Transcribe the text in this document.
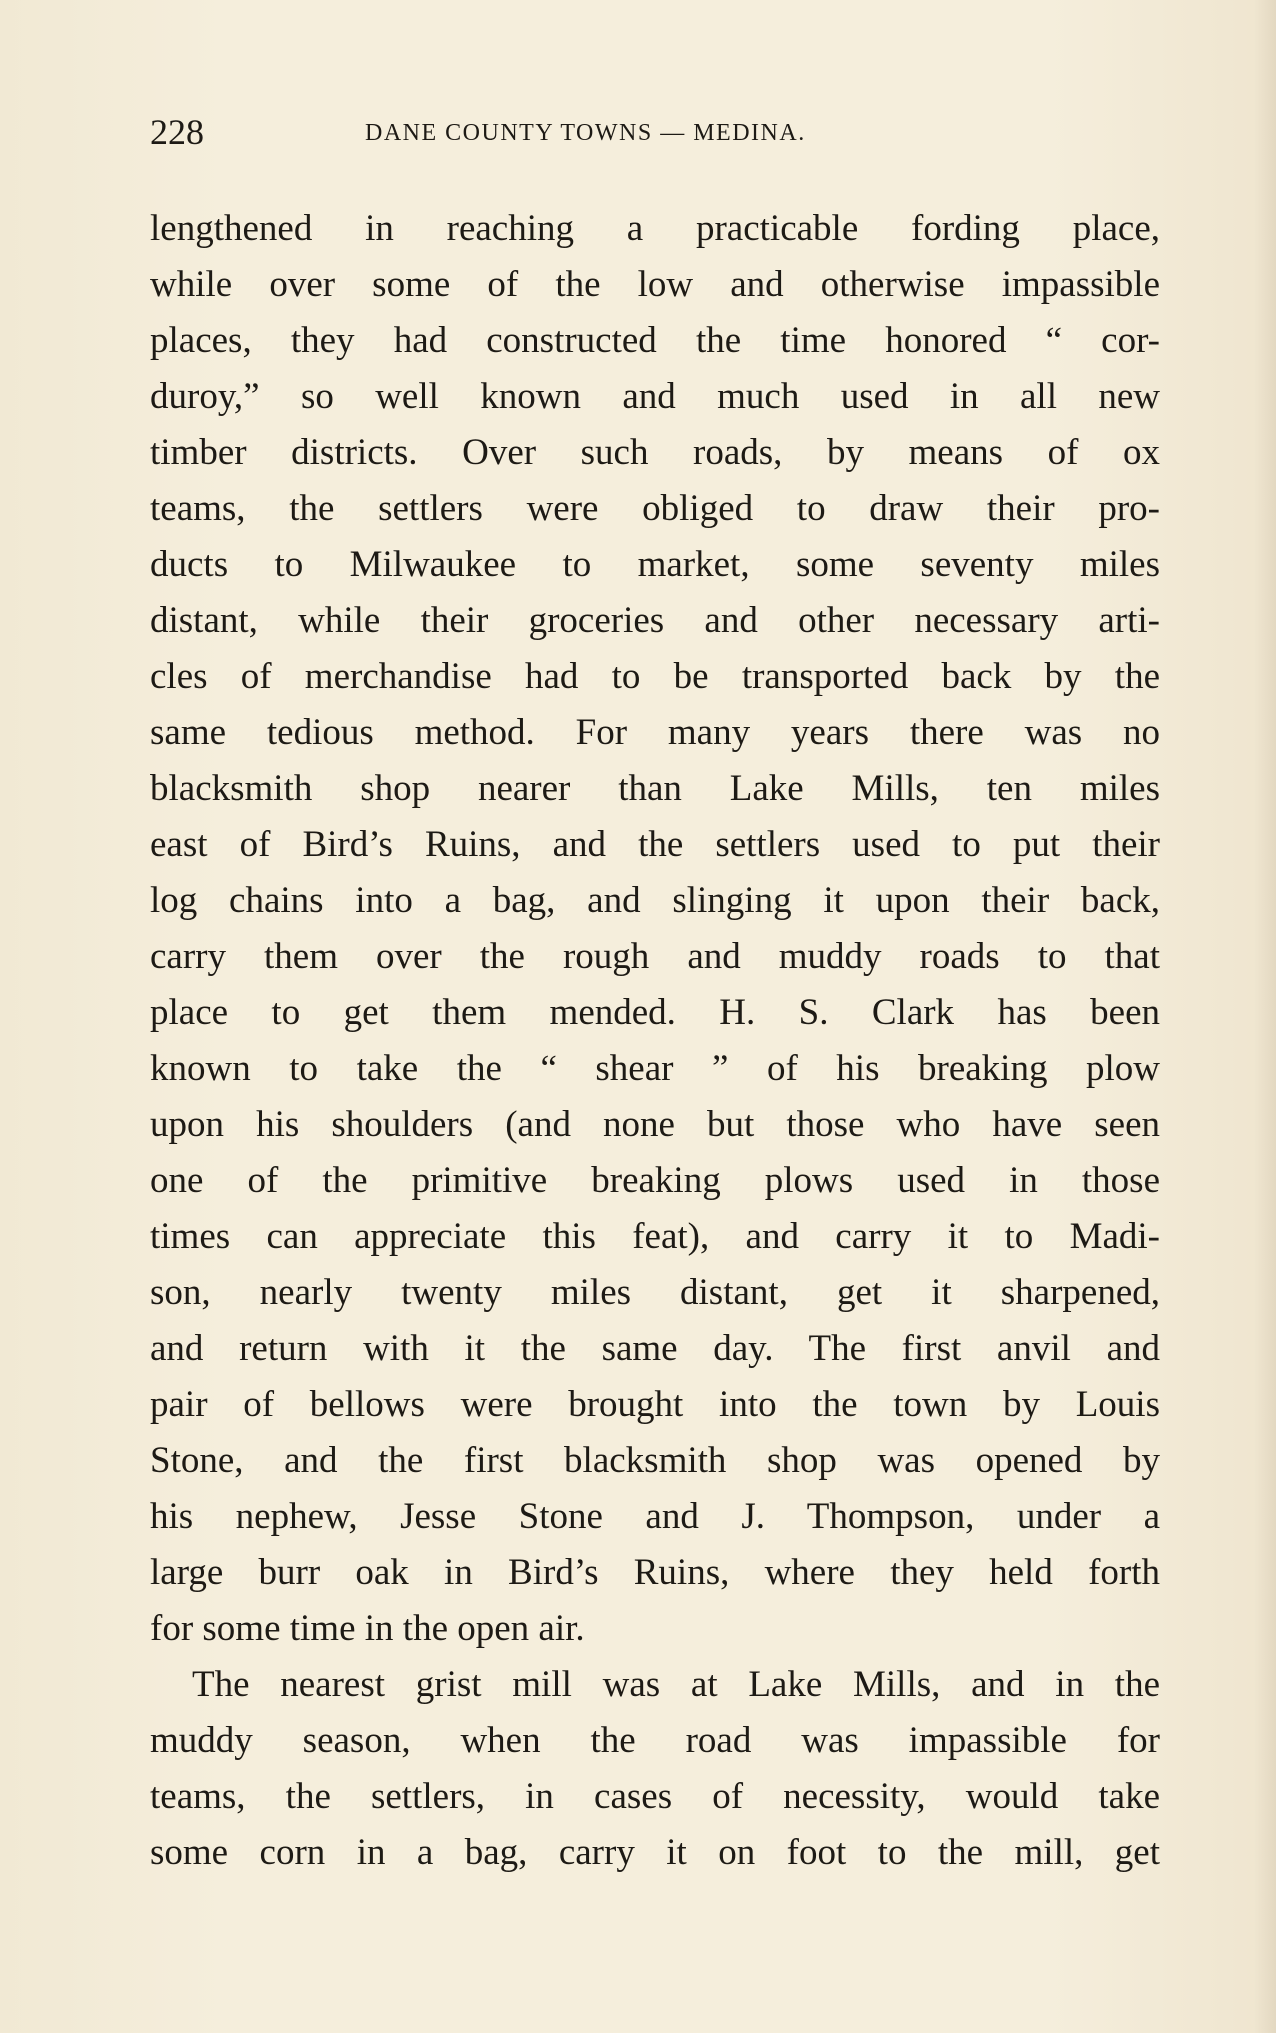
228	DANE COUNTY TOWNS — MEDINA.
lengthened in reaching a practicable fording place,
while over some of the low and otherwise impassible
places, they had constructed the time honored “ cor-
duroy,” so well known and much used in all new
timber districts. Over such roads, by means of ox
teams, the settlers were obliged to draw their pro-
ducts to Milwaukee to market, some seventy miles
distant, while their groceries and other necessary arti-
cles of merchandise had to be transported back by the
same tedious method. For many years there was no
blacksmith shop nearer than Lake Mills, ten miles
east of Bird’s Ruins, and the settlers used to put their
log chains into a bag, and slinging it upon their back,
carry them over the rough and muddy roads to that
place to get them mended. H. S. Clark has been
known to take the “ shear ” of his breaking plow
upon his shoulders (and none but those who have seen
one of the primitive breaking plows used in those
times can appreciate this feat), and carry it to Madi-
son, nearly twenty miles distant, get it sharpened,
and return with it the same day. The first anvil and
pair of bellows were brought into the town by Louis
Stone, and the first blacksmith shop was opened by
his nephew, Jesse Stone and J. Thompson, under a
large burr oak in Bird’s Ruins, where they held forth
for some time in the open air.
The nearest grist mill was at Lake Mills, and in the
muddy season, when the road was impassible for
teams, the settlers, in cases of necessity, would take
some corn in a bag, carry it on foot to the mill, get
